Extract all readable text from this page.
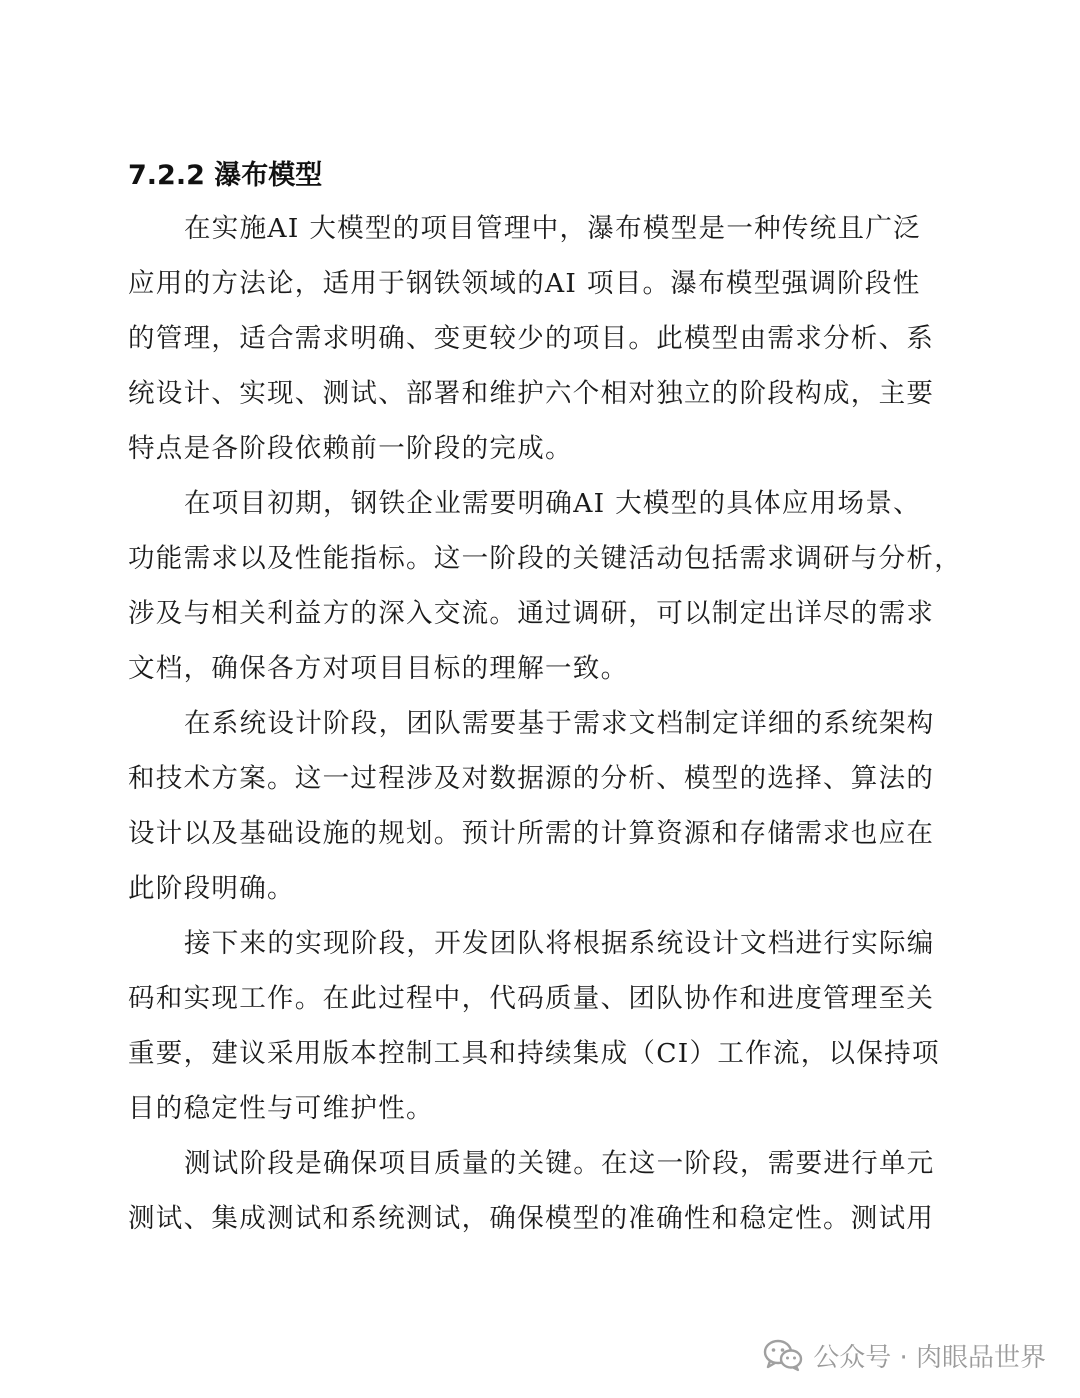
7.2.2 瀑布模型
在实施AI 大模型的项目管理中，瀑布模型是一种传统且广泛
应用的方法论，适用于钢铁领域的AI 项目。瀑布模型强调阶段性
的管理，适合需求明确、变更较少的项目。此模型由需求分析、系
统设计、实现、测试、部署和维护六个相对独立的阶段构成，主要
特点是各阶段依赖前一阶段的完成。
在项目初期，钢铁企业需要明确AI 大模型的具体应用场景、
功能需求以及性能指标。这一阶段的关键活动包括需求调研与分析，
涉及与相关利益方的深入交流。通过调研，可以制定出详尽的需求
文档，确保各方对项目目标的理解一致。
在系统设计阶段，团队需要基于需求文档制定详细的系统架构
和技术方案。这一过程涉及对数据源的分析、模型的选择、算法的
设计以及基础设施的规划。预计所需的计算资源和存储需求也应在
此阶段明确。
接下来的实现阶段，开发团队将根据系统设计文档进行实际编
码和实现工作。在此过程中，代码质量、团队协作和进度管理至关
重要，建议采用版本控制工具和持续集成（CI）工作流，以保持项
目的稳定性与可维护性。
测试阶段是确保项目质量的关键。在这一阶段，需要进行单元
测试、集成测试和系统测试，确保模型的准确性和稳定性。测试用
公众号 · 肉眼品世界
